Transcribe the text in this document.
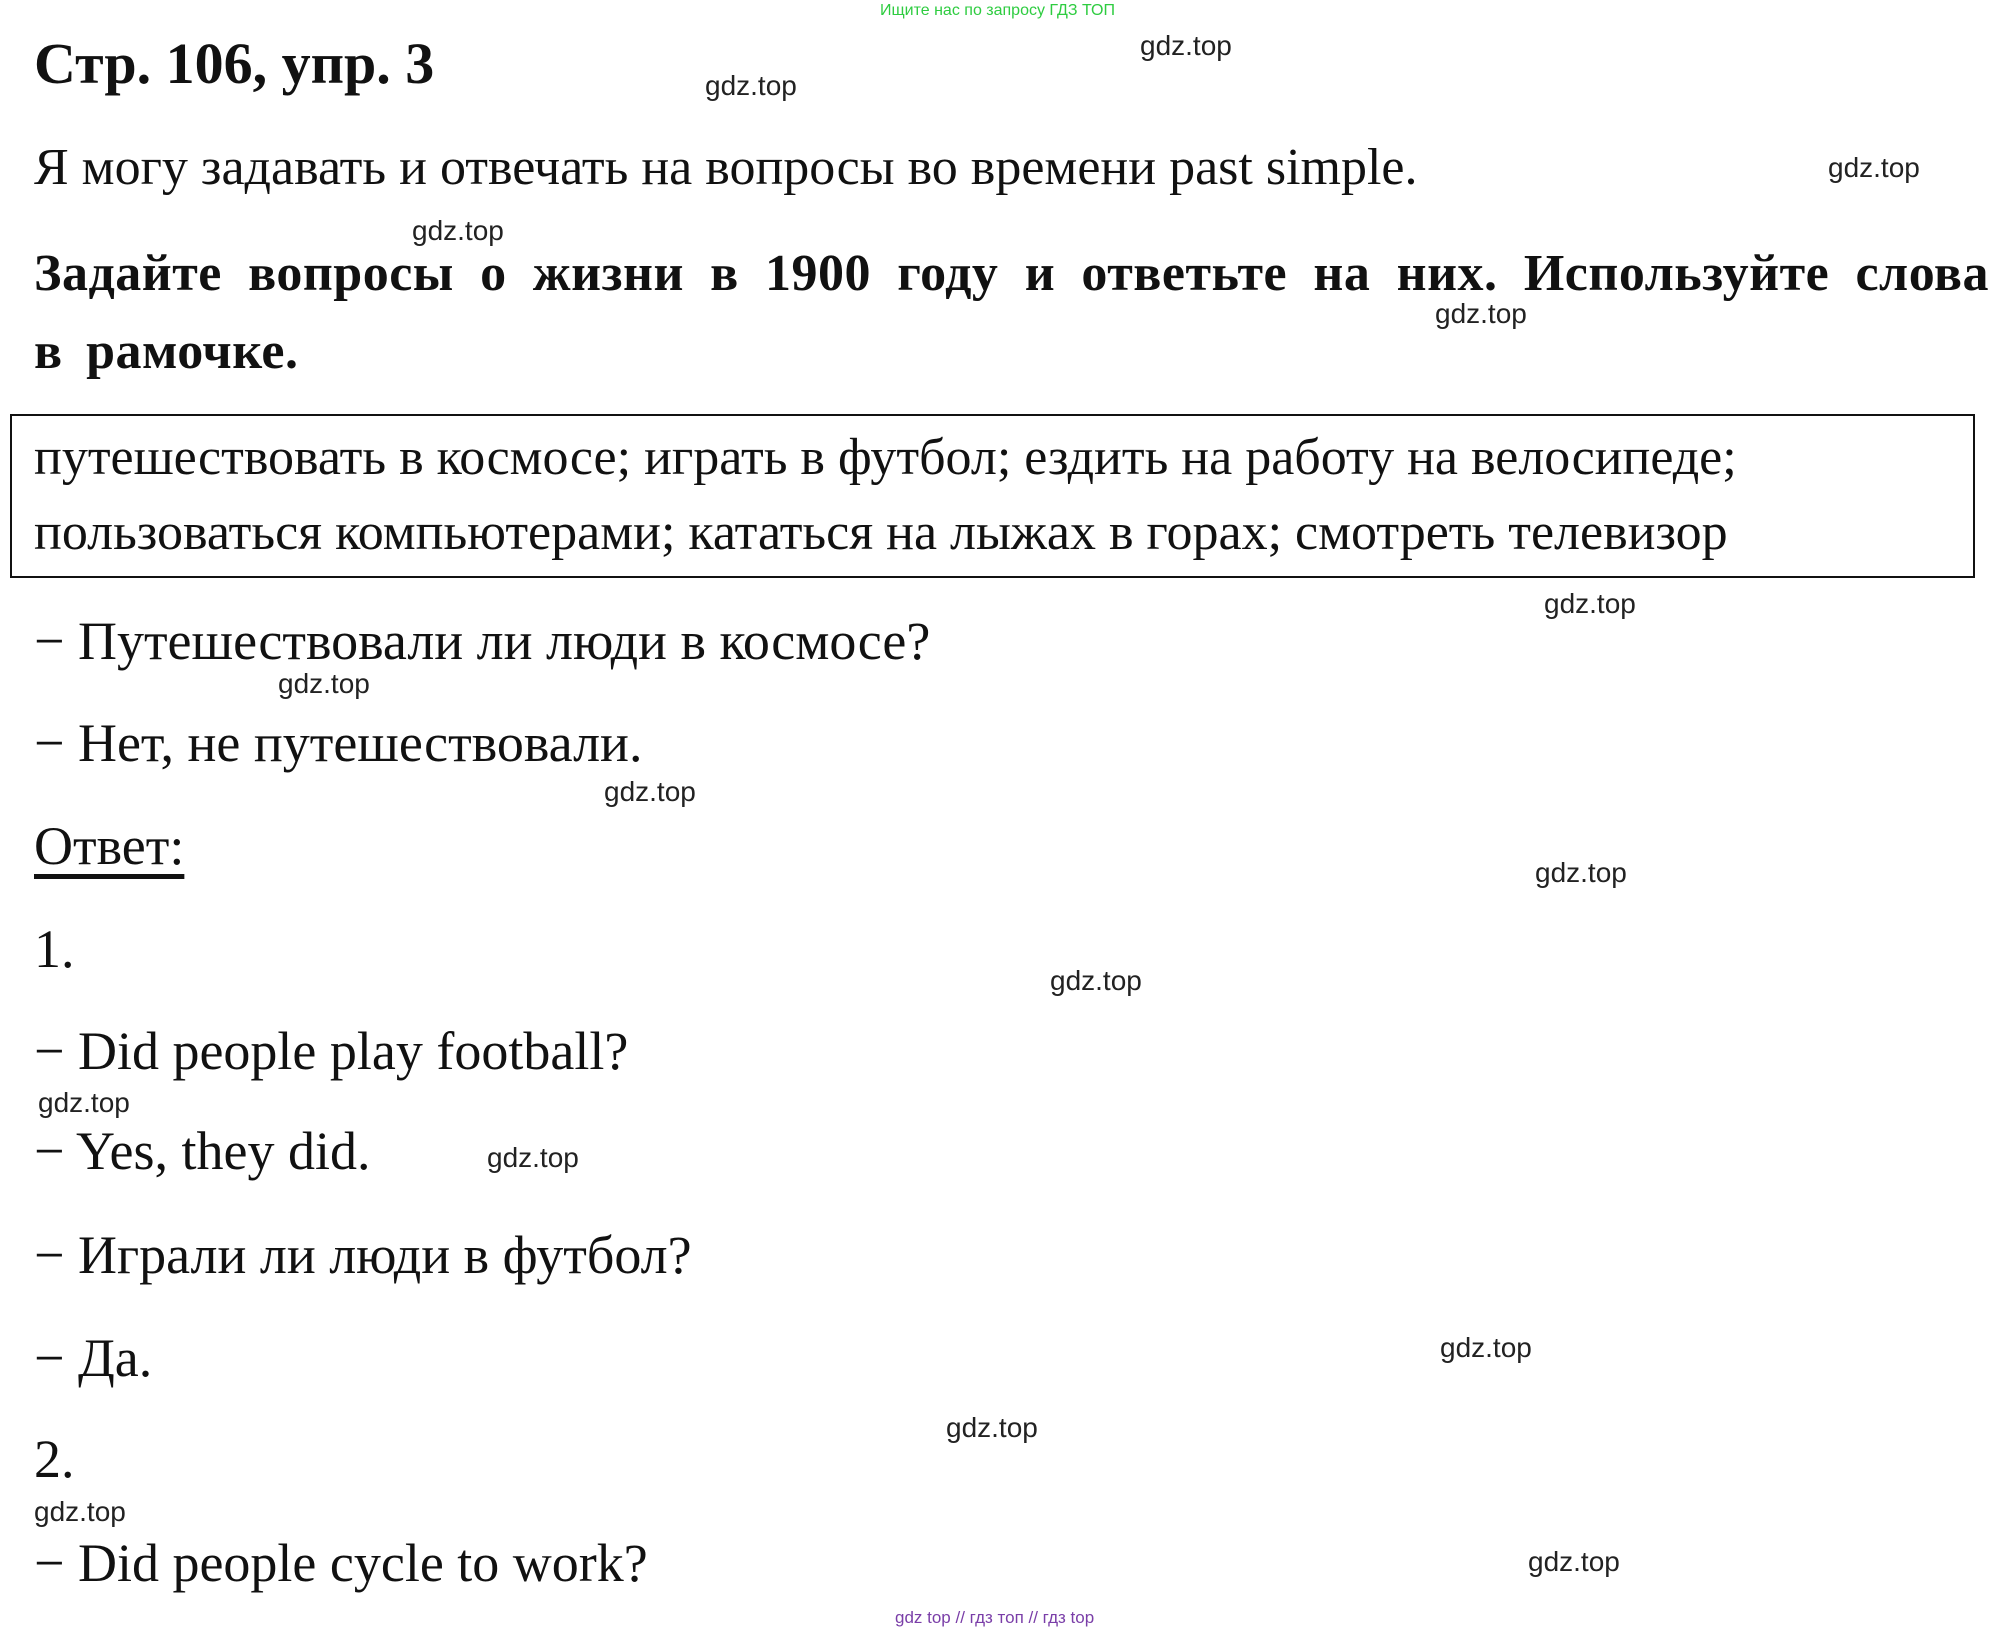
Ищите нас по запросу ГДЗ ТОП
Стр. 106, упр. 3
Я могу задавать и отвечать на вопросы во времени past simple.
Задайте вопросы о жизни в 1900 году и ответьте на них. Используйте слова в рамочке.
путешествовать в космосе; играть в футбол; ездить на работу на велосипеде;
пользоваться компьютерами; кататься на лыжах в горах; смотреть телевизор
− Путешествовали ли люди в космосе?
− Нет, не путешествовали.
Ответ:
1.
− Did people play football?
− Yes, they did.
− Играли ли люди в футбол?
− Да.
2.
− Did people cycle to work?
gdz.top
gdz.top
gdz.top
gdz.top
gdz.top
gdz.top
gdz.top
gdz.top
gdz.top
gdz.top
gdz.top
gdz.top
gdz.top
gdz.top
gdz.top
gdz.top
gdz top // гдз топ // гдз top
